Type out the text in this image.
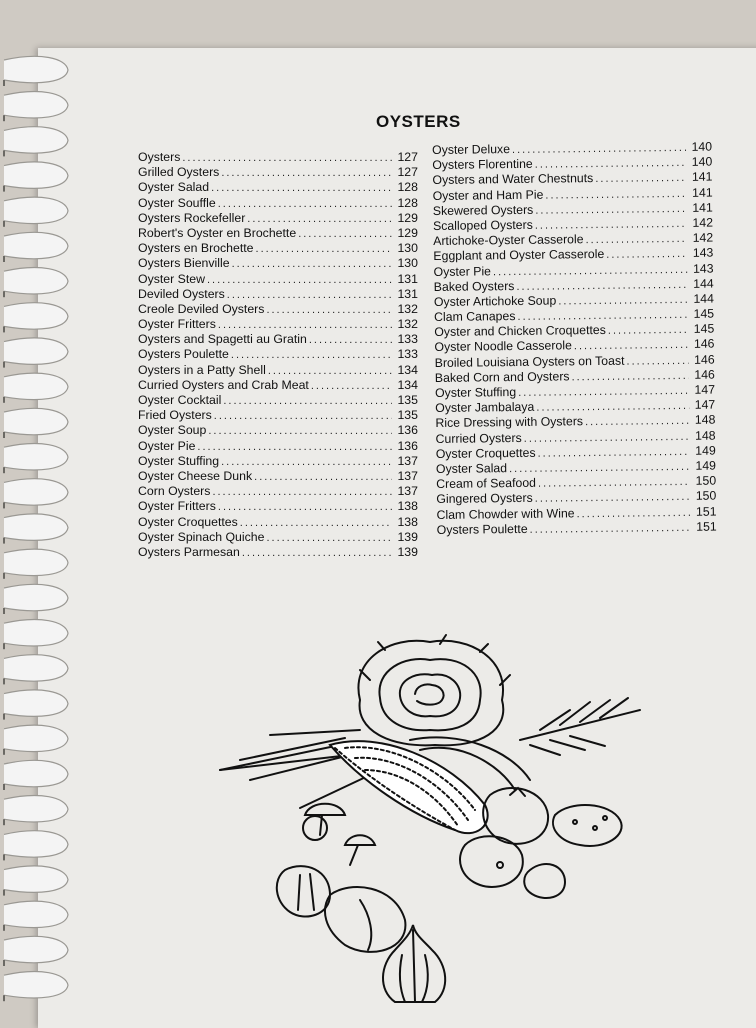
OYSTERS
Oysters .....	127
Grilled Oysters .....	127
Oyster Salad .....	128
Oyster Souffle .....	128
Oysters Rockefeller .....	129
Robert's Oyster en Brochette .....	129
Oysters en Brochette .....	130
Oysters Bienville .....	130
Oyster Stew .....	131
Deviled Oysters .....	131
Creole Deviled Oysters .....	132
Oyster Fritters .....	132
Oysters and Spagetti au Gratin .....	133
Oysters Poulette .....	133
Oysters in a Patty Shell .....	134
Curried Oysters and Crab Meat .....	134
Oyster Cocktail .....	135
Fried Oysters .....	135
Oyster Soup .....	136
Oyster Pie .....	136
Oyster Stuffing .....	137
Oyster Cheese Dunk .....	137
Corn Oysters .....	137
Oyster Fritters .....	138
Oyster Croquettes .....	138
Oyster Spinach Quiche .....	139
Oysters Parmesan .....	139
Oyster Deluxe .....	140
Oysters Florentine .....	140
Oysters and Water Chestnuts .....	141
Oyster and Ham Pie .....	141
Skewered Oysters .....	141
Scalloped Oysters .....	142
Artichoke-Oyster Casserole .....	142
Eggplant and Oyster Casserole .....	143
Oyster Pie .....	143
Baked Oysters .....	144
Oyster Artichoke Soup .....	144
Clam Canapes .....	145
Oyster and Chicken Croquettes .....	145
Oyster Noodle Casserole .....	146
Broiled Louisiana Oysters on Toast .....	146
Baked Corn and Oysters .....	146
Oyster Stuffing .....	147
Oyster Jambalaya .....	147
Rice Dressing with Oysters .....	148
Curried Oysters .....	148
Oyster Croquettes .....	149
Oyster Salad .....	149
Cream of Seafood .....	150
Gingered Oysters .....	150
Clam Chowder with Wine .....	151
Oysters Poulette .....	151
